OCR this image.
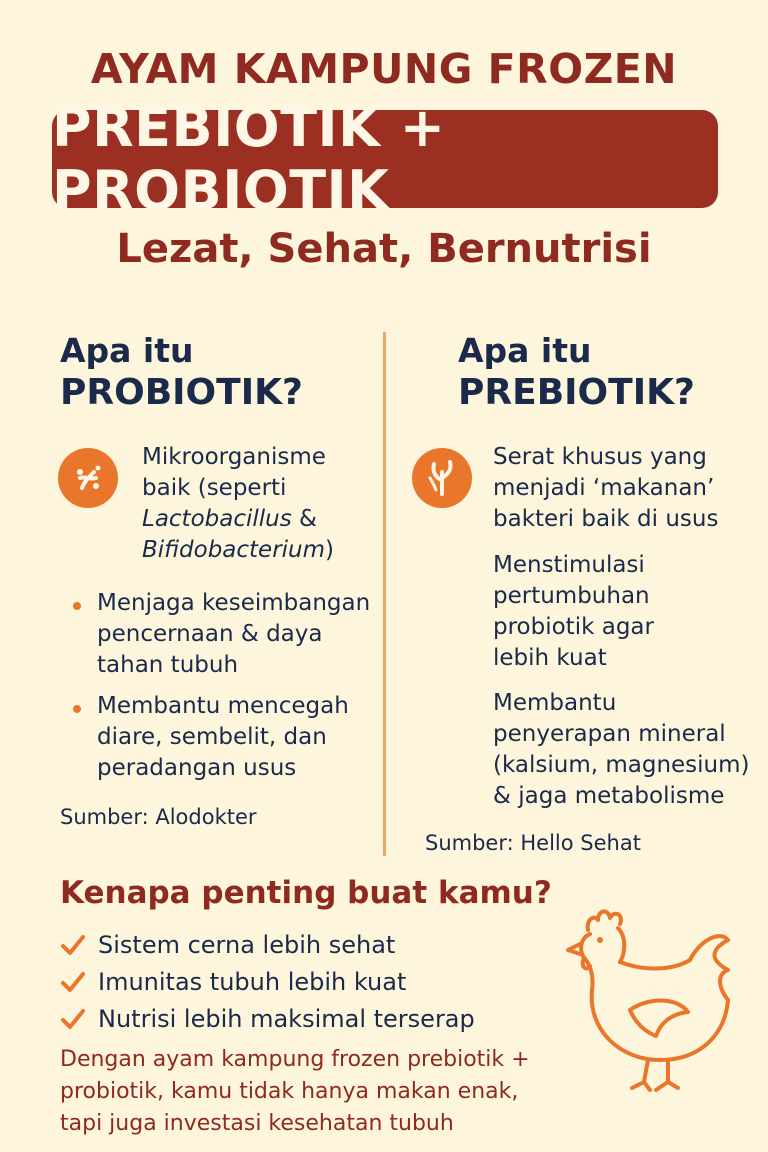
AYAM KAMPUNG FROZEN
PREBIOTIK + PROBIOTIK
Lezat, Sehat, Bernutrisi
Apa itu
PROBIOTIK?
Mikroorganisme
baik (seperti
Lactobacillus &
Bifidobacterium)
Menjaga keseimbangan
pencernaan & daya
tahan tubuh
Membantu mencegah
diare, sembelit, dan
peradangan usus
Sumber: Alodokter
Apa itu
PREBIOTIK?
Serat khusus yang
menjadi ‘makanan’
bakteri baik di usus
Menstimulasi
pertumbuhan
probiotik agar
lebih kuat
Membantu
penyerapan mineral
(kalsium, magnesium)
& jaga metabolisme
Sumber: Hello Sehat
Kenapa penting buat kamu?
Sistem cerna lebih sehat
Imunitas tubuh lebih kuat
Nutrisi lebih maksimal terserap
Dengan ayam kampung frozen prebiotik +
probiotik, kamu tidak hanya makan enak,
tapi juga investasi kesehatan tubuh
